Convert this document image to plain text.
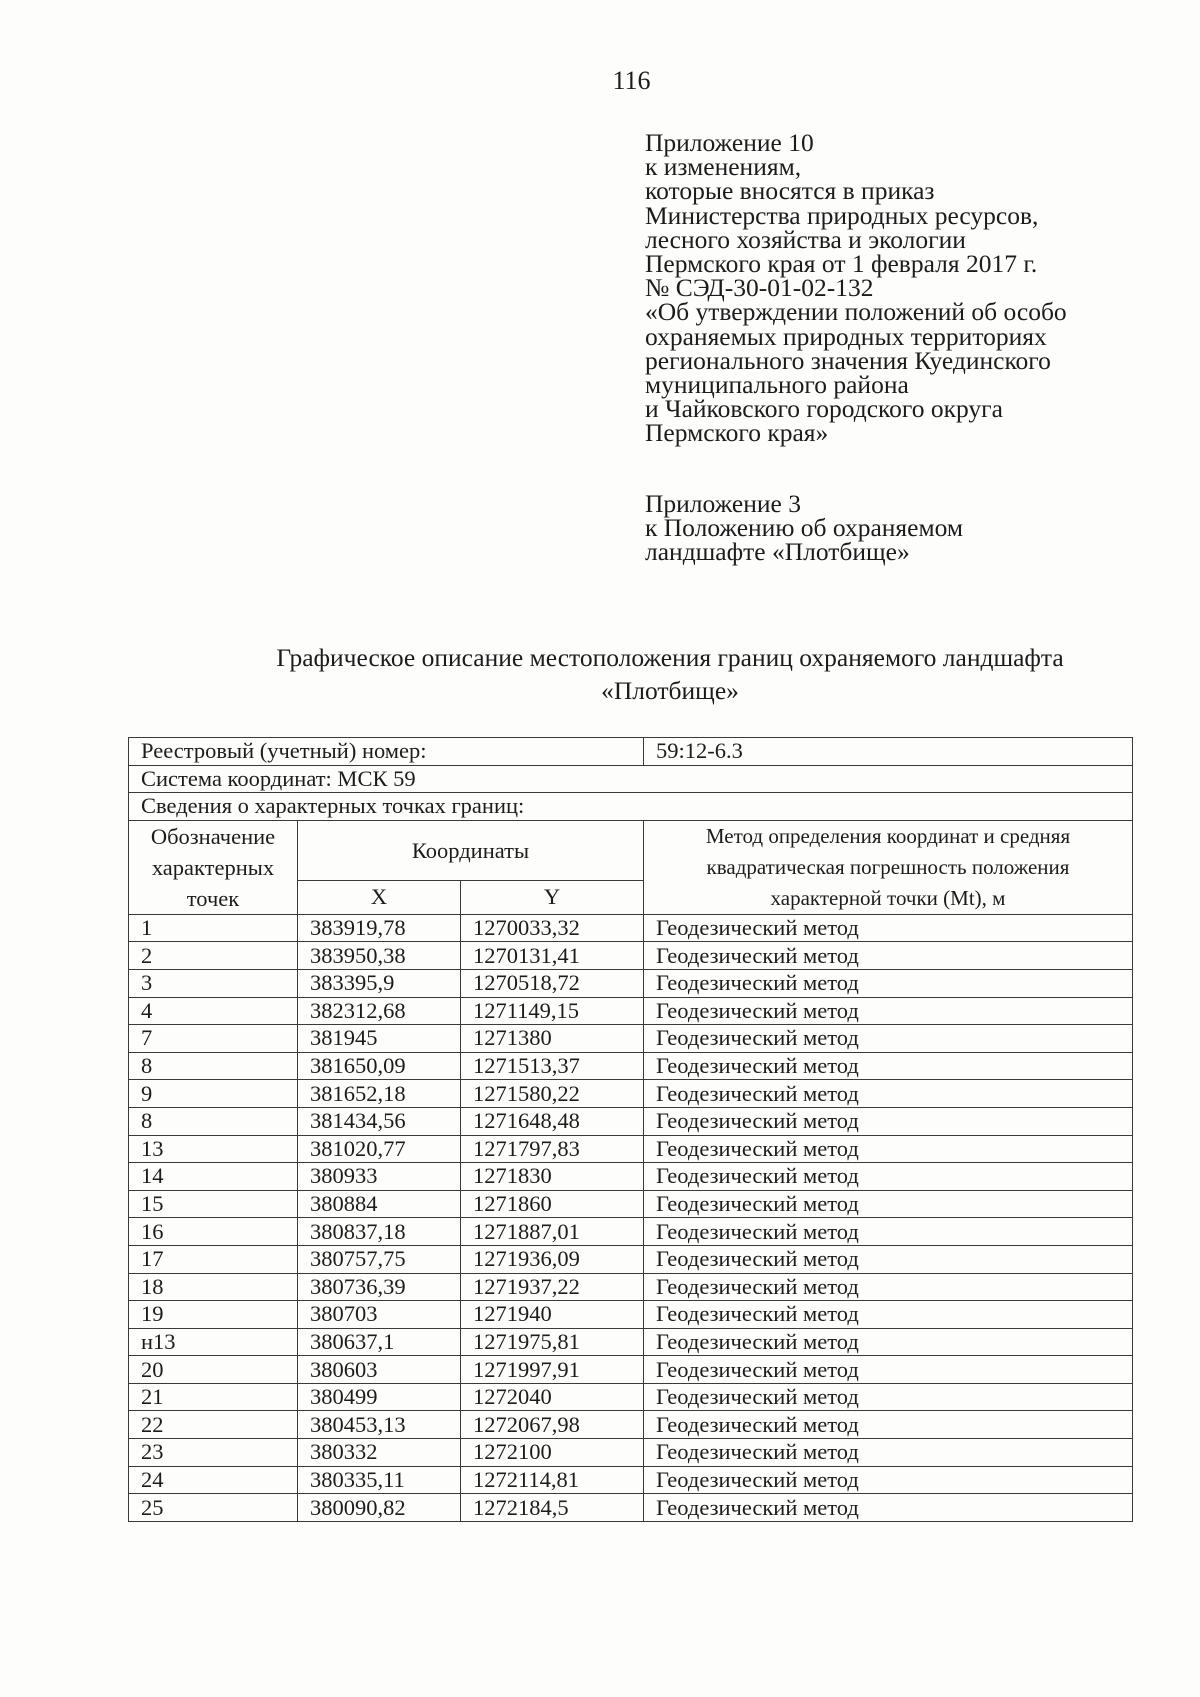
116
Приложение 10
к изменениям,
которые вносятся в приказ
Министерства природных ресурсов,
лесного хозяйства и экологии
Пермского края от 1 февраля 2017 г.
№ СЭД-30-01-02-132
«Об утверждении положений об особо
охраняемых природных территориях
регионального значения Куединского
муниципального района
и Чайковского городского округа
Пермского края»
Приложение 3
к Положению об охраняемом
ландшафте «Плотбище»
Графическое описание местоположения границ охраняемого ландшафта
«Плотбище»
Реестровый (учетный) номер:			59:12-6.3
Система координат: МСК 59			
Сведения о характерных точках границ:			
Обозначение характерных точек	Координаты		Метод определения координат и средняя квадратическая погрешность положения характерной точки (Mt), м
	X	Y	
1	383919,78	1270033,32	Геодезический метод
2	383950,38	1270131,41	Геодезический метод
3	383395,9	1270518,72	Геодезический метод
4	382312,68	1271149,15	Геодезический метод
7	381945	1271380	Геодезический метод
8	381650,09	1271513,37	Геодезический метод
9	381652,18	1271580,22	Геодезический метод
8	381434,56	1271648,48	Геодезический метод
13	381020,77	1271797,83	Геодезический метод
14	380933	1271830	Геодезический метод
15	380884	1271860	Геодезический метод
16	380837,18	1271887,01	Геодезический метод
17	380757,75	1271936,09	Геодезический метод
18	380736,39	1271937,22	Геодезический метод
19	380703	1271940	Геодезический метод
н13	380637,1	1271975,81	Геодезический метод
20	380603	1271997,91	Геодезический метод
21	380499	1272040	Геодезический метод
22	380453,13	1272067,98	Геодезический метод
23	380332	1272100	Геодезический метод
24	380335,11	1272114,81	Геодезический метод
25	380090,82	1272184,5	Геодезический метод
